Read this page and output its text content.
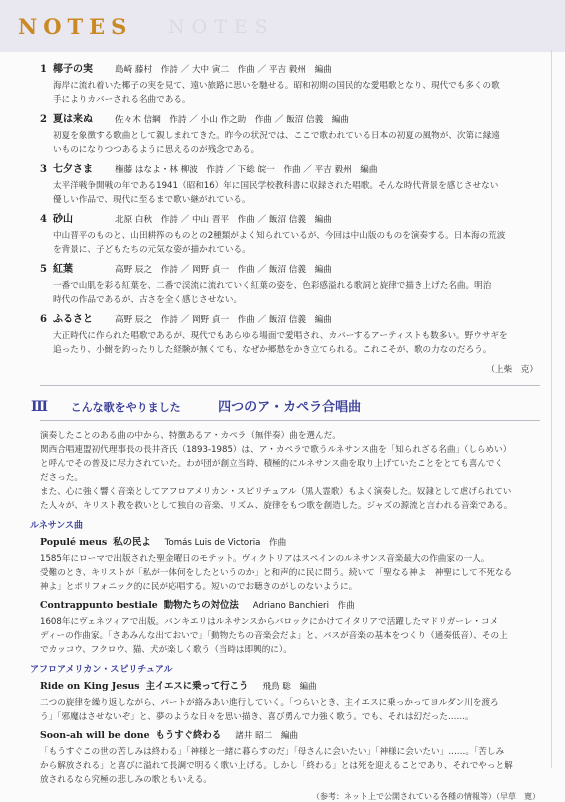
NOTES
NOTES
1 椰子の実	島崎 藤村　作詩 ／ 大中 寅二　作曲 ／ 平吉 毅州　編曲
海岸に流れ着いた椰子の実を見て、遠い旅路に思いを馳せる。昭和初期の国民的な愛唱歌となり、現代でも多くの歌
手によりカバーされる名曲である。
2 夏は来ぬ	佐々木 信綱　作詩 ／ 小山 作之助　作曲 ／ 飯沼 信義　編曲
初夏を象徴する歌曲として親しまれてきた。昨今の状況では、ここで歌われている日本の初夏の風物が、次第に縁遠
いものになりつつあるように思えるのが残念である。
3 七夕さま	権藤 はなよ・林 柳波　作詩 ／ 下総 皖一　作曲 ／ 平吉 毅州　編曲
太平洋戦争開戦の年である1941（昭和16）年に国民学校教科書に収録された唱歌。そんな時代背景を感じさせない
優しい作品で、現代に至るまで歌い継がれている。
4 砂山	北原 白秋　作詩 ／ 中山 晋平　作曲 ／ 飯沼 信義　編曲
中山晋平のものと、山田耕筰のものとの2種類がよく知られているが、今回は中山版のものを演奏する。日本海の荒波
を背景に、子どもたちの元気な姿が描かれている。
5 紅葉	高野 辰之　作詩 ／ 岡野 貞一　作曲 ／ 飯沼 信義　編曲
一番で山肌を彩る紅葉を、二番で渓流に流れていく紅葉の姿を、色彩感溢れる歌詞と旋律で描き上げた名曲。明治
時代の作品であるが、古さを全く感じさせない。
6 ふるさと	高野 辰之　作詩 ／ 岡野 貞一　作曲 ／ 飯沼 信義　編曲
大正時代に作られた唱歌であるが、現代でもあらゆる場面で愛唱され、カバーするアーティストも数多い。野ウサギを
追ったり、小鮒を釣ったりした経験が無くても、なぜか郷愁をかき立てられる。これこそが、歌の力なのだろう。
（上柴　克）
Ⅲ こんな歌をやりました	四つのア・カペラ合唱曲
演奏したことのある曲の中から、特徴あるア・カペラ（無伴奏）曲を選んだ。
関西合唱連盟初代理事長の長井斉氏（1893-1985）は、ア・カペラで歌うルネサンス曲を「知られざる名曲」（しらめい）
と呼んでその普及に尽力されていた。わが団が創立当時、積極的にルネサンス曲を取り上げていたことをとても喜んでく
ださった。
また、心に強く響く音楽としてアフロアメリカン・スピリチュアル（黒人霊歌）もよく演奏した。奴隷として虐げられてい
た人々が、キリスト教を救いとして独自の音楽、リズム、旋律をもつ歌を創造した。ジャズの源流と言われる音楽である。
ルネサンス曲
Populé meus 私の民よ Tomás Luis de Victoria　作曲
1585年にローマで出版された聖金曜日のモテット。ヴィクトリアはスペインのルネサンス音楽最大の作曲家の一人。
受難のとき、キリストが「私が一体何をしたというのか」と和声的に民に問う。続いて「聖なる神よ　神聖にして不死なる
神よ」とポリフォニック的に民が応唱する。短いのでお聴きのがしのないように。
Contrappunto bestiale 動物たちの対位法 Adriano Banchieri　作曲
1608年にヴェネツィアで出版。バンキエリはルネサンスからバロックにかけてイタリアで活躍したマドリガーレ・コメ
ディーの作曲家。「さあみんな出ておいで」「動物たちの音楽会だよ」と、バスが音楽の基本をつくり（通奏低音）、その上
でカッコウ、フクロウ、猫、犬が楽しく歌う（当時は即興的に）。
アフロアメリカン・スピリチュアル
Ride on King Jesus 主イエスに乗って行こう 飛鳥 聡　編曲
二つの旋律を繰り返しながら、パートが絡みあい進行していく。「つらいとき、主イエスに乗っかってヨルダン川を渡ろ
う」「邪魔はさせないぞ」と、夢のような日々を思い描き、喜び勇んで力強く歌う。でも、それは幻だった……。
Soon-ah will be done もうすぐ終わる 諸井 昭二　編曲
「もうすぐこの世の苦しみは終わる」「神様と一緒に暮らすのだ」「母さんに会いたい」「神様に会いたい」……。「苦しみ
から解放される」と喜びに溢れて長調で明るく歌い上げる。しかし「終わる」とは死を迎えることであり、それでやっと解
放されるなら究極の悲しみの歌ともいえる。
（参考：ネット上で公開されている各種の情報等）（早草　寛）
